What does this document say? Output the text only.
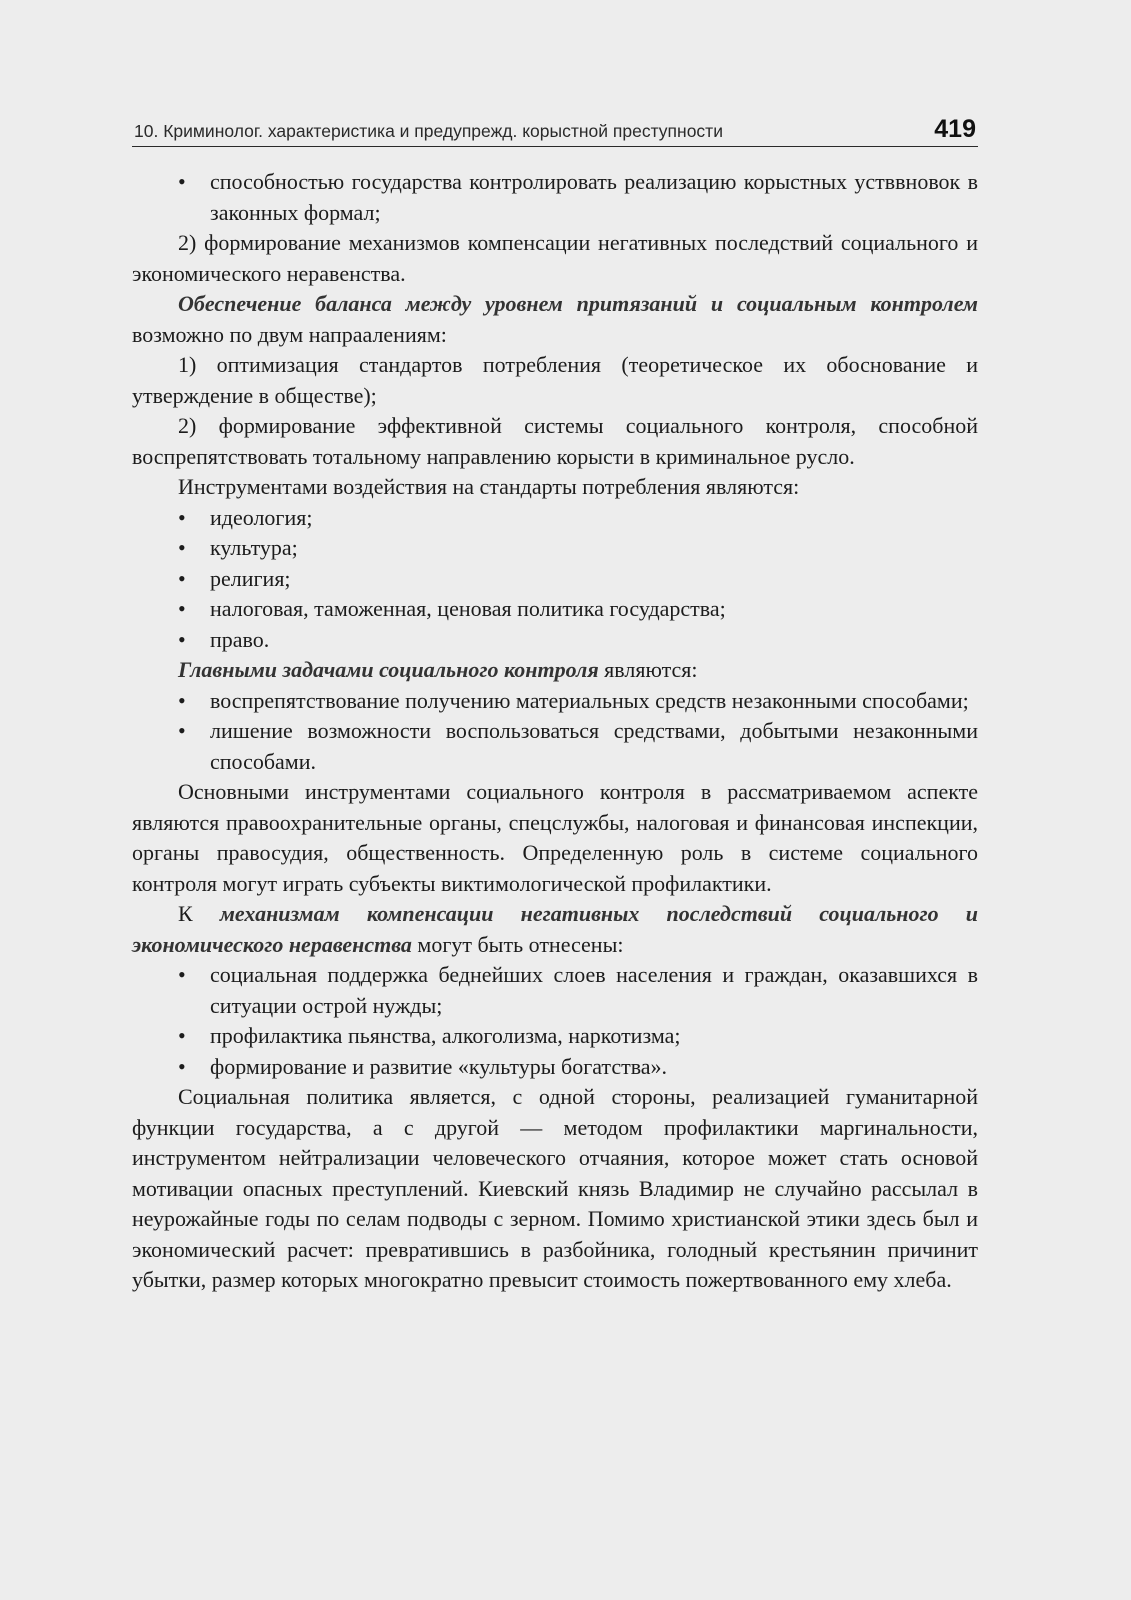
10. Криминолог. характеристика и предупрежд. корыстной преступности	419

• способностью государства контролировать реализацию корыстных устввновок в законных формал;

2) формирование механизмов компенсации негативных последствий социального и экономического неравенства.

Обеспечение баланса между уровнем притязаний и социальным контролем возможно по двум напраалениям:

1) оптимизация стандартов потребления (теоретическое их обоснование и утверждение в обществе);

2) формирование эффективной системы социального контроля, способной воспрепятствовать тотальному направлению корысти в криминальное русло.

Инструментами воздействия на стандарты потребления являются:

• идеология;

• культура;

• религия;

• налоговая, таможенная, ценовая политика государства;

• право.

Главными задачами социального контроля являются:

• воспрепятствование получению материальных средств незаконными способами;

• лишение возможности воспользоваться средствами, добытыми незаконными способами.

Основными инструментами социального контроля в рассматриваемом аспекте являются правоохранительные органы, спецслужбы, налоговая и финансовая инспекции, органы правосудия, общественность. Определенную роль в системе социального контроля могут играть субъекты виктимологической профилактики.

К механизмам компенсации негативных последствий социального и экономического неравенства могут быть отнесены:

• социальная поддержка беднейших слоев населения и граждан, оказавшихся в ситуации острой нужды;

• профилактика пьянства, алкоголизма, наркотизма;

• формирование и развитие «культуры богатства».

Социальная политика является, с одной стороны, реализацией гуманитарной функции государства, а с другой — методом профилактики маргинальности, инструментом нейтрализации человеческого отчаяния, которое может стать основой мотивации опасных преступлений. Киевский князь Владимир не случайно рассылал в неурожайные годы по селам подводы с зерном. Помимо христианской этики здесь был и экономический расчет: превратившись в разбойника, голодный крестьянин причинит убытки, размер которых многократно превысит стоимость пожертвованного ему хлеба.
